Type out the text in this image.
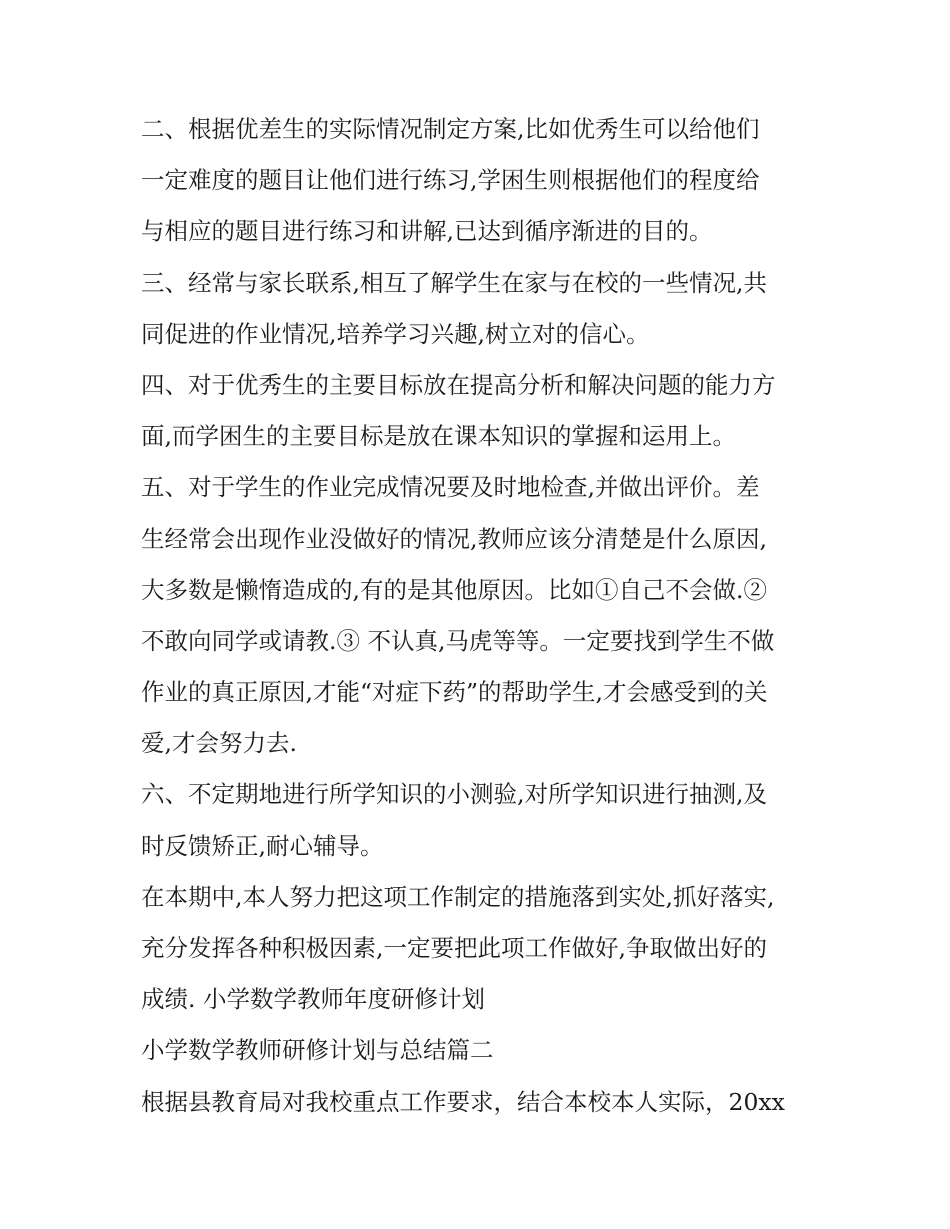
二、根据优差生的实际情况制定方案,比如优秀生可以给他们
一定难度的题目让他们进行练习,学困生则根据他们的程度给
与相应的题目进行练习和讲解,已达到循序渐进的目的。
三、经常与家长联系,相互了解学生在家与在校的一些情况,共
同促进的作业情况,培养学习兴趣,树立对的信心。
四、对于优秀生的主要目标放在提高分析和解决问题的能力方
面,而学困生的主要目标是放在课本知识的掌握和运用上。
五、对于学生的作业完成情况要及时地检查,并做出评价。差
生经常会出现作业没做好的情况,教师应该分清楚是什么原因,
大多数是懒惰造成的,有的是其他原因。比如①自己不会做.②
不敢向同学或请教.③ 不认真,马虎等等。一定要找到学生不做
作业的真正原因,才能“对症下药”的帮助学生,才会感受到的关
爱,才会努力去.
六、不定期地进行所学知识的小测验,对所学知识进行抽测,及
时反馈矫正,耐心辅导。
在本期中,本人努力把这项工作制定的措施落到实处,抓好落实,
充分发挥各种积极因素,一定要把此项工作做好,争取做出好的
成绩. 小学数学教师年度研修计划
小学数学教师研修计划与总结篇二
根据县教育局对我校重点工作要求，结合本校本人实际，20xx
